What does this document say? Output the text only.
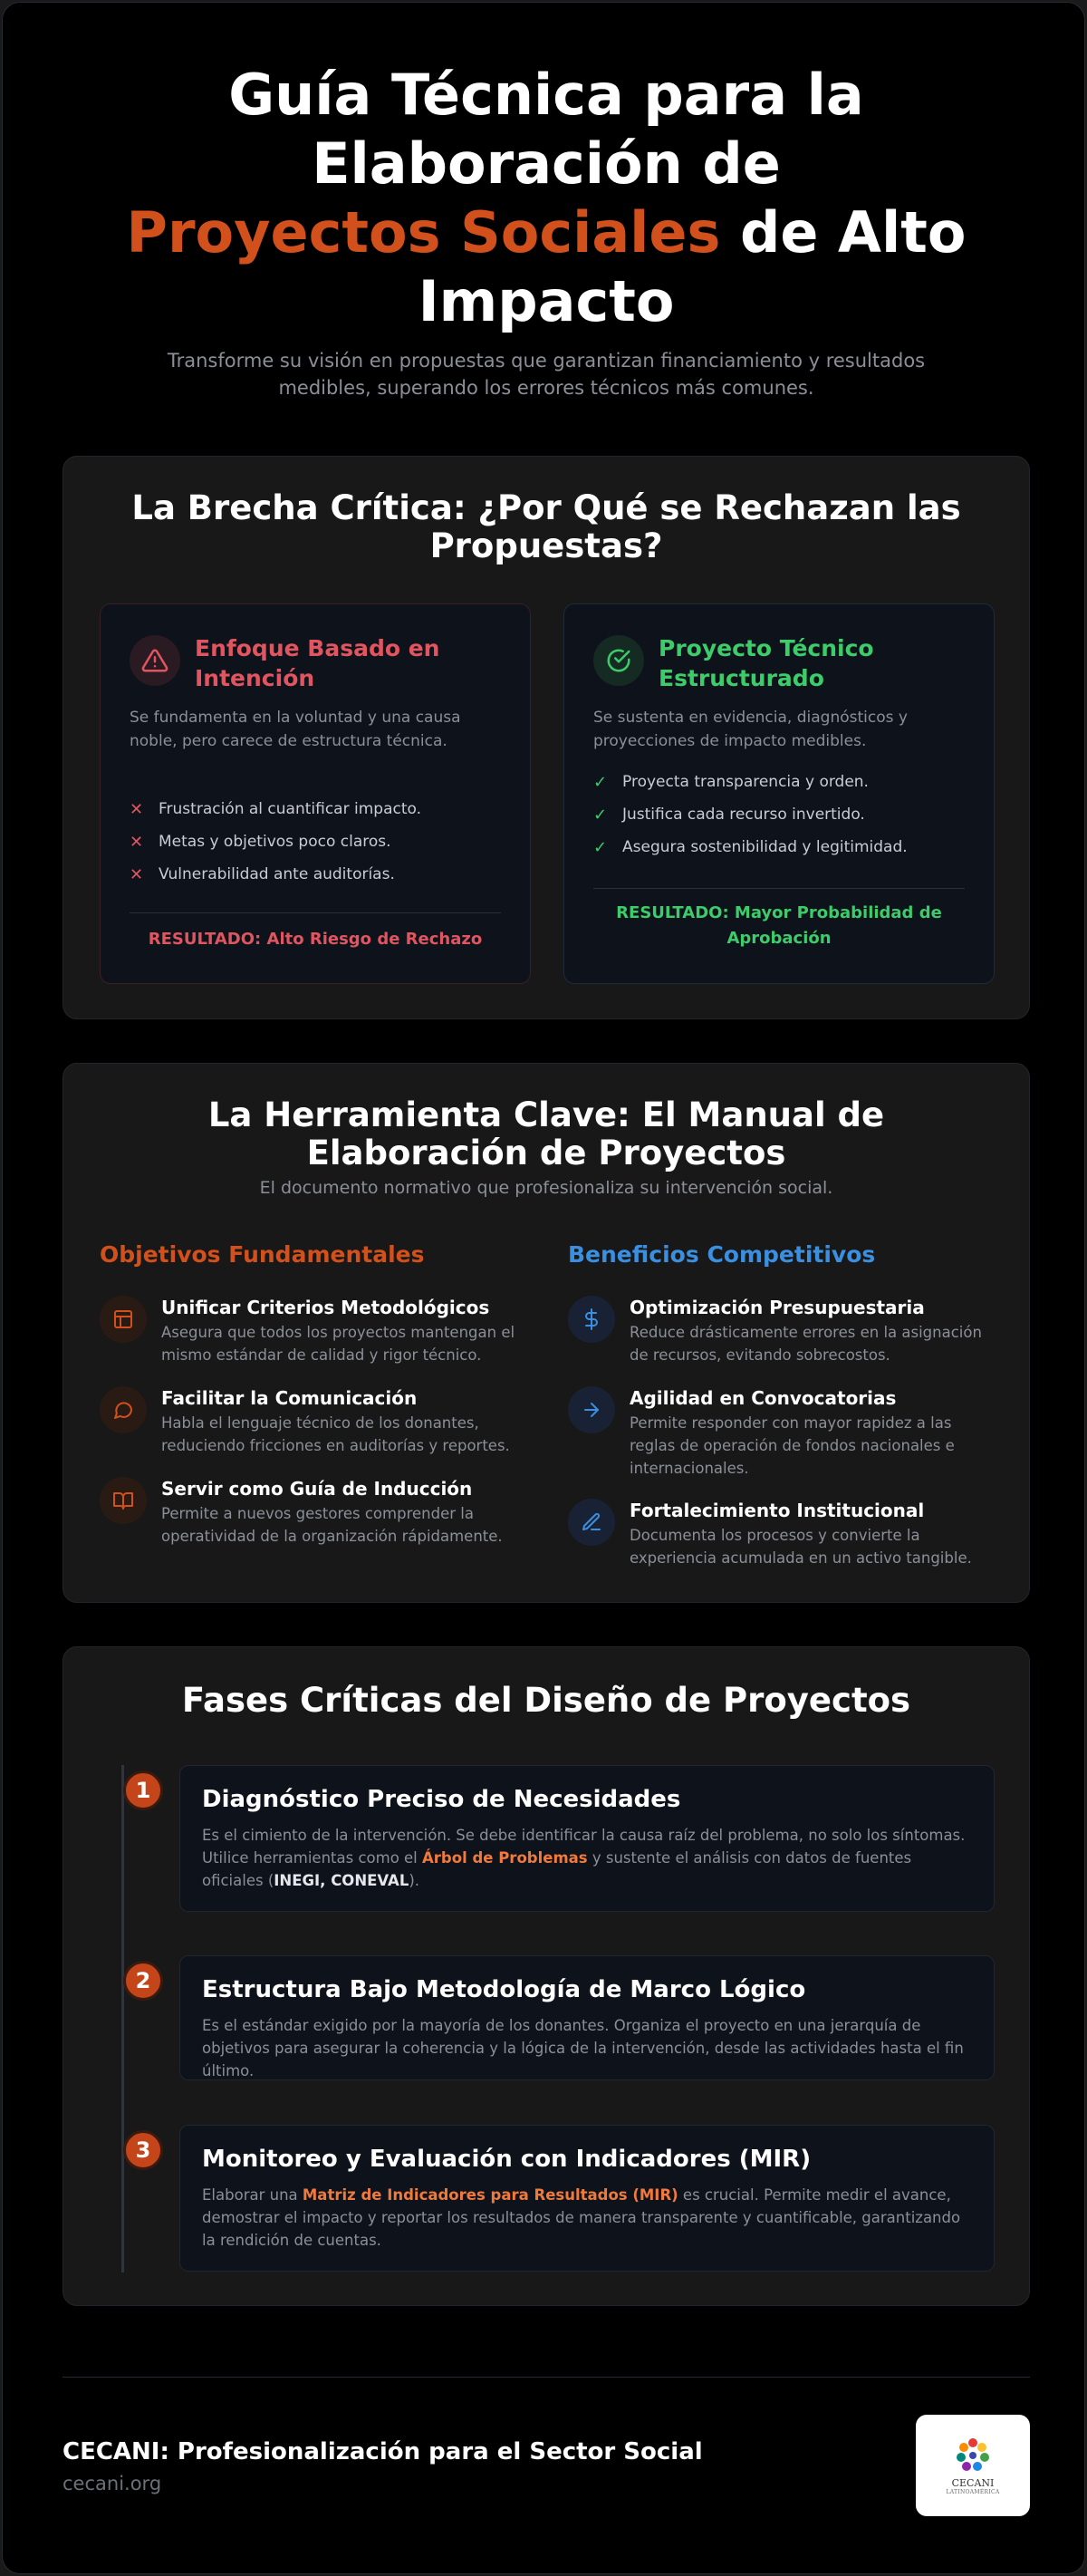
Guía Técnica para la
Elaboración de
Proyectos Sociales de Alto
Impacto

Transforme su visión en propuestas que garantizan financiamiento y resultados medibles, superando los errores técnicos más comunes.

La Brecha Crítica: ¿Por Qué se Rechazan las Propuestas?
Enfoque Basado en Intención

Se fundamenta en la voluntad y una causa noble, pero carece de estructura técnica.

✕ Frustración al cuantificar impacto.
✕ Metas y objetivos poco claros.
✕ Vulnerabilidad ante auditorías.
RESULTADO: Alto Riesgo de Rechazo
Proyecto Técnico Estructurado

Se sustenta en evidencia, diagnósticos y proyecciones de impacto medibles.

✓ Proyecta transparencia y orden.
✓ Justifica cada recurso invertido.
✓ Asegura sostenibilidad y legitimidad.
RESULTADO: Mayor Probabilidad de Aprobación
La Herramienta Clave: El Manual de Elaboración de Proyectos

El documento normativo que profesionaliza su intervención social.

Objetivos Fundamentales	Beneficios Competitivos
Unificar Criterios Metodológicos
Asegura que todos los proyectos mantengan el mismo estándar de calidad y rigor técnico.
Facilitar la Comunicación
Habla el lenguaje técnico de los donantes, reduciendo fricciones en auditorías y reportes.
Servir como Guía de Inducción
Permite a nuevos gestores comprender la operatividad de la organización rápidamente.
Optimización Presupuestaria
Reduce drásticamente errores en la asignación de recursos, evitando sobrecostos.
Agilidad en Convocatorias
Permite responder con mayor rapidez a las reglas de operación de fondos nacionales e internacionales.
Fortalecimiento Institucional
Documenta los procesos y convierte la experiencia acumulada en un activo tangible.
Fases Críticas del Diseño de Proyectos
1	Diagnóstico Preciso de Necesidades

Es el cimiento de la intervención. Se debe identificar la causa raíz del problema, no solo los síntomas. Utilice herramientas como el Árbol de Problemas y sustente el análisis con datos de fuentes oficiales (INEGI, CONEVAL).

2	Estructura Bajo Metodología de Marco Lógico

Es el estándar exigido por la mayoría de los donantes. Organiza el proyecto en una jerarquía de objetivos para asegurar la coherencia y la lógica de la intervención, desde las actividades hasta el fin último.

3	Monitoreo y Evaluación con Indicadores (MIR)

Elaborar una Matriz de Indicadores para Resultados (MIR) es crucial. Permite medir el avance, demostrar el impacto y reportar los resultados de manera transparente y cuantificable, garantizando la rendición de cuentas.

CECANI: Profesionalización para el Sector Social
cecani.org	CECANI
LATINOAMÉRICA
